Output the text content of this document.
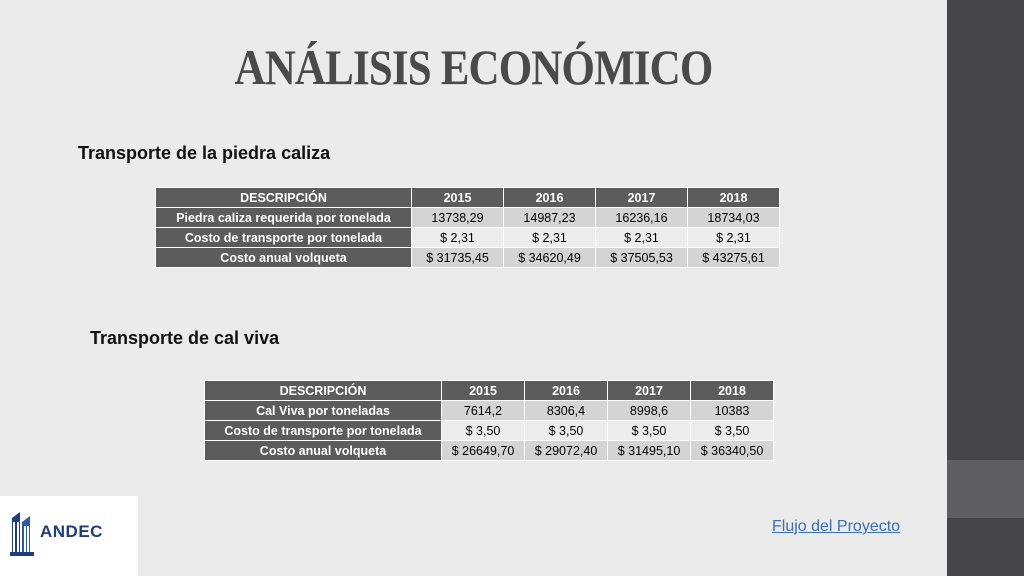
ANÁLISIS ECONÓMICO
Transporte de la piedra caliza
DESCRIPCIÓN	2015	2016	2017	2018
Piedra caliza requerida por tonelada	13738,29	14987,23	16236,16	18734,03
Costo de transporte por tonelada	$ 2,31	$ 2,31	$ 2,31	$ 2,31
Costo anual volqueta	$ 31735,45	$ 34620,49	$ 37505,53	$ 43275,61
Transporte de cal viva
DESCRIPCIÓN	2015	2016	2017	2018
Cal Viva por toneladas	7614,2	8306,4	8998,6	10383
Costo de transporte por tonelada	$ 3,50	$ 3,50	$ 3,50	$ 3,50
Costo anual volqueta	$ 26649,70	$ 29072,40	$ 31495,10	$ 36340,50
ANDEC	Flujo del Proyecto
